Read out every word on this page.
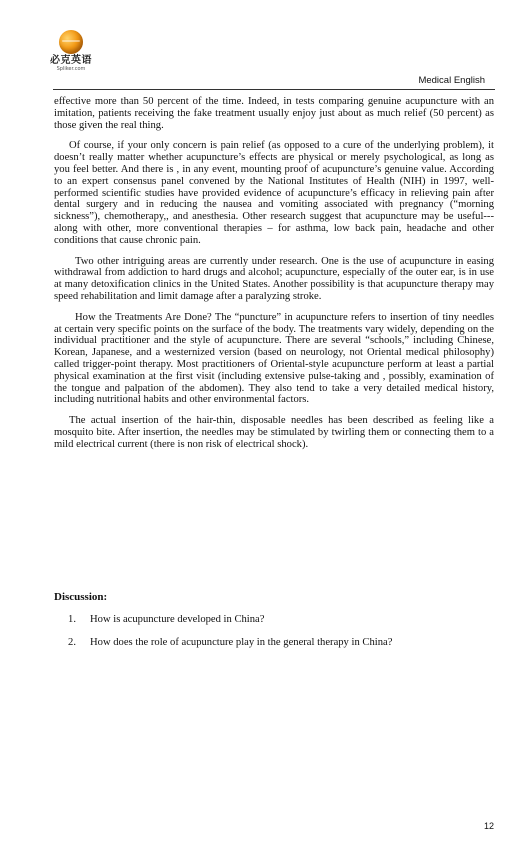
必克英语
Spliker.com
Medical English

effective more than 50 percent of the time. Indeed, in tests comparing genuine acupuncture with an imitation, patients receiving the fake treatment usually enjoy just about as much relief (50 percent) as those given the real thing.

Of course, if your only concern is pain relief (as opposed to a cure of the underlying problem), it doesn’t really matter whether acupuncture’s effects are physical or merely psychological, as long as you feel better. And there is , in any event, mounting proof of acupuncture’s genuine value. According to an expert consensus panel convened by the National Institutes of Health (NIH) in 1997, well-performed scientific studies have provided evidence of acupuncture’s efficacy in relieving pain after dental surgery and in reducing the nausea and vomiting associated with pregnancy (“morning sickness”), chemotherapy,, and anesthesia. Other research suggest that acupuncture may be useful---along with other, more conventional therapies – for asthma, low back pain, headache and other conditions that cause chronic pain.

Two other intriguing areas are currently under research. One is the use of acupuncture in easing withdrawal from addiction to hard drugs and alcohol; acupuncture, especially of the outer ear, is in use at many detoxification clinics in the United States. Another possibility is that acupuncture therapy may speed rehabilitation and limit damage after a paralyzing stroke.

How the Treatments Are Done? The “puncture” in acupuncture refers to insertion of tiny needles at certain very specific points on the surface of the body. The treatments vary widely, depending on the individual practitioner and the style of acupuncture. There are several “schools,” including Chinese, Korean, Japanese, and a westernized version (based on neurology, not Oriental medical philosophy) called trigger-point therapy. Most practitioners of Oriental-style acupuncture perform at least a partial physical examination at the first visit (including extensive pulse-taking and , possibly, examination of the tongue and palpation of the abdomen). They also tend to take a very detailed medical history, including nutritional habits and other environmental factors.

The actual insertion of the hair-thin, disposable needles has been described as feeling like a mosquito bite. After insertion, the needles may be stimulated by twirling them or connecting them to a mild electrical current (there is non risk of electrical shock).

Discussion:
1. How is acupuncture developed in China?
2. How does the role of acupuncture play in the general therapy in China?
12
